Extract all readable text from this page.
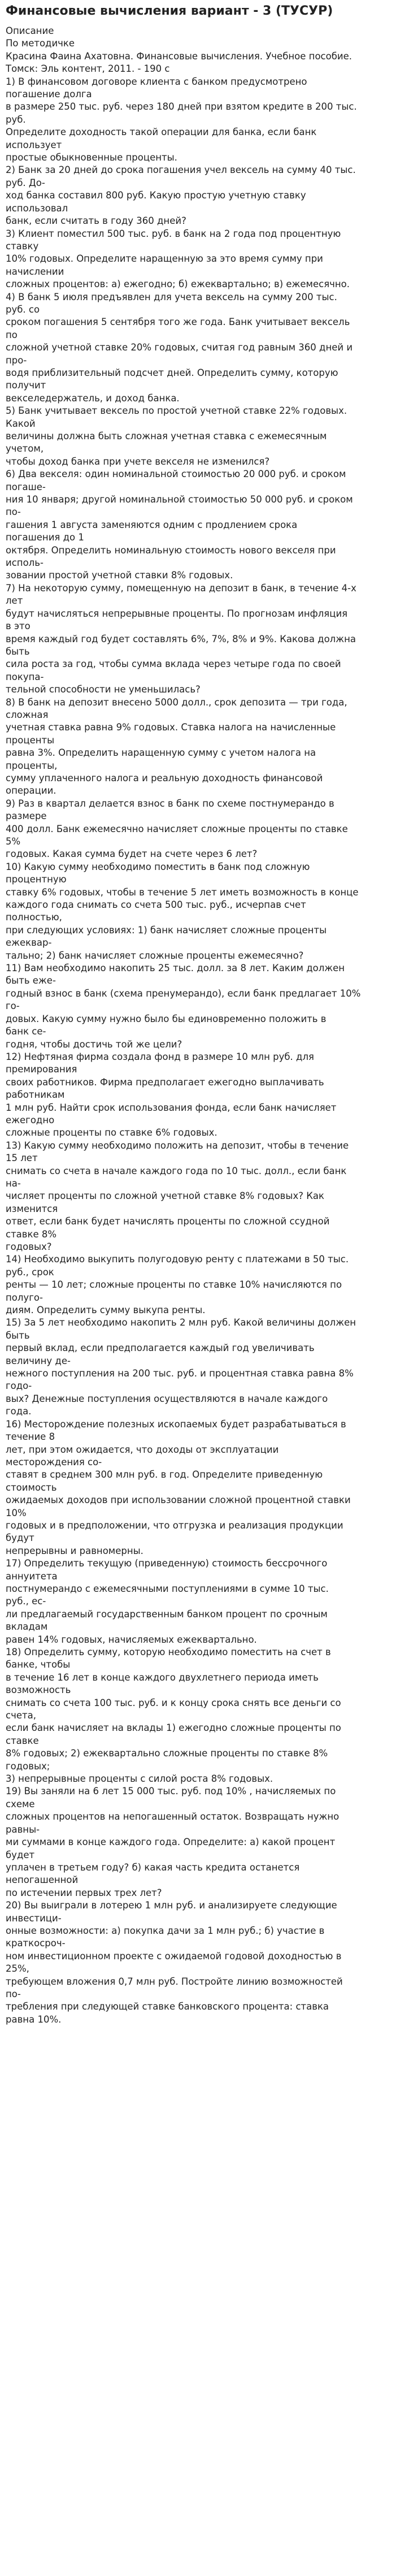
Финансовые вычисления вариант - 3 (ТУСУР)
Описание
По методичке
Красина Фаина Ахатовна. Финансовые вычисления. Учебное пособие.
Томск: Эль контент, 2011. - 190 с
1) В финансовом договоре клиента с банком предусмотрено
погашение долга
в размере 250 тыс. руб. через 180 дней при взятом кредите в 200 тыс.
руб.
Определите доходность такой операции для банка, если банк
использует
простые обыкновенные проценты.
2) Банк за 20 дней до срока погашения учел вексель на сумму 40 тыс.
руб. До-
ход банка составил 800 руб. Какую простую учетную ставку
использовал
банк, если считать в году 360 дней?
3) Клиент поместил 500 тыс. руб. в банк на 2 года под процентную
ставку
10% годовых. Определите наращенную за это время сумму при
начислении
сложных процентов: а) ежегодно; б) ежеквартально; в) ежемесячно.
4) В банк 5 июля предъявлен для учета вексель на сумму 200 тыс.
руб. со
сроком погашения 5 сентября того же года. Банк учитывает вексель
по
сложной учетной ставке 20% годовых, считая год равным 360 дней и
про-
водя приблизительный подсчет дней. Определить сумму, которую
получит
векселедержатель, и доход банка.
5) Банк учитывает вексель по простой учетной ставке 22% годовых.
Какой
величины должна быть сложная учетная ставка с ежемесячным
учетом,
чтобы доход банка при учете векселя не изменился?
6) Два векселя: один номинальной стоимостью 20 000 руб. и сроком
погаше-
ния 10 января; другой номинальной стоимостью 50 000 руб. и сроком
по-
гашения 1 августа заменяются одним с продлением срока
погашения до 1
октября. Определить номинальную стоимость нового векселя при
исполь-
зовании простой учетной ставки 8% годовых.
7) На некоторую сумму, помещенную на депозит в банк, в течение 4-х
лет
будут начисляться непрерывные проценты. По прогнозам инфляция
в это
время каждый год будет составлять 6%, 7%, 8% и 9%. Какова должна
быть
сила роста за год, чтобы сумма вклада через четыре года по своей
покупа-
тельной способности не уменьшилась?
8) В банк на депозит внесено 5000 долл., срок депозита — три года,
сложная
учетная ставка равна 9% годовых. Ставка налога на начисленные
проценты
равна 3%. Определить наращенную сумму с учетом налога на
проценты,
сумму уплаченного налога и реальную доходность финансовой
операции.
9) Раз в квартал делается взнос в банк по схеме постнумерандо в
размере
400 долл. Банк ежемесячно начисляет сложные проценты по ставке
5%
годовых. Какая сумма будет на счете через 6 лет?
10) Какую сумму необходимо поместить в банк под сложную
процентную
ставку 6% годовых, чтобы в течение 5 лет иметь возможность в конце
каждого года снимать со счета 500 тыс. руб., исчерпав счет
полностью,
при следующих условиях: 1) банк начисляет сложные проценты
ежеквар-
тально; 2) банк начисляет сложные проценты ежемесячно?
11) Вам необходимо накопить 25 тыс. долл. за 8 лет. Каким должен
быть еже-
годный взнос в банк (схема пренумерандо), если банк предлагает 10%
го-
довых. Какую сумму нужно было бы единовременно положить в
банк се-
годня, чтобы достичь той же цели?
12) Нефтяная фирма создала фонд в размере 10 млн руб. для
премирования
своих работников. Фирма предполагает ежегодно выплачивать
работникам
1 млн руб. Найти срок использования фонда, если банк начисляет
ежегодно
сложные проценты по ставке 6% годовых.
13) Какую сумму необходимо положить на депозит, чтобы в течение
15 лет
снимать со счета в начале каждого года по 10 тыс. долл., если банк
на-
числяет проценты по сложной учетной ставке 8% годовых? Как
изменится
ответ, если банк будет начислять проценты по сложной ссудной
ставке 8%
годовых?
14) Необходимо выкупить полугодовую ренту с платежами в 50 тыс.
руб., срок
ренты — 10 лет; сложные проценты по ставке 10% начисляются по
полуго-
диям. Определить сумму выкупа ренты.
15) За 5 лет необходимо накопить 2 млн руб. Какой величины должен
быть
первый вклад, если предполагается каждый год увеличивать
величину де-
нежного поступления на 200 тыс. руб. и процентная ставка равна 8%
годо-
вых? Денежные поступления осуществляются в начале каждого
года.
16) Месторождение полезных ископаемых будет разрабатываться в
течение 8
лет, при этом ожидается, что доходы от эксплуатации
месторождения со-
ставят в среднем 300 млн руб. в год. Определите приведенную
стоимость
ожидаемых доходов при использовании сложной процентной ставки
10%
годовых и в предположении, что отгрузка и реализация продукции
будут
непрерывны и равномерны.
17) Определить текущую (приведенную) стоимость бессрочного
аннуитета
постнумерандо с ежемесячными поступлениями в сумме 10 тыс.
руб., ес-
ли предлагаемый государственным банком процент по срочным
вкладам
равен 14% годовых, начисляемых ежеквартально.
18) Определить сумму, которую необходимо поместить на счет в
банке, чтобы
в течение 16 лет в конце каждого двухлетнего периода иметь
возможность
снимать со счета 100 тыс. руб. и к концу срока снять все деньги со
счета,
если банк начисляет на вклады 1) ежегодно сложные проценты по
ставке
8% годовых; 2) ежеквартально сложные проценты по ставке 8%
годовых;
3) непрерывные проценты с силой роста 8% годовых.
19) Вы заняли на 6 лет 15 000 тыс. руб. под 10% , начисляемых по
схеме
сложных процентов на непогашенный остаток. Возвращать нужно
равны-
ми суммами в конце каждого года. Определите: а) какой процент
будет
уплачен в третьем году? б) какая часть кредита останется
непогашенной
по истечении первых трех лет?
20) Вы выиграли в лотерею 1 млн руб. и анализируете следующие
инвестици-
онные возможности: а) покупка дачи за 1 млн руб.; б) участие в
краткосроч-
ном инвестиционном проекте с ожидаемой годовой доходностью в
25%,
требующем вложения 0,7 млн руб. Постройте линию возможностей
по-
требления при следующей ставке банковского процента: ставка
равна 10%.
